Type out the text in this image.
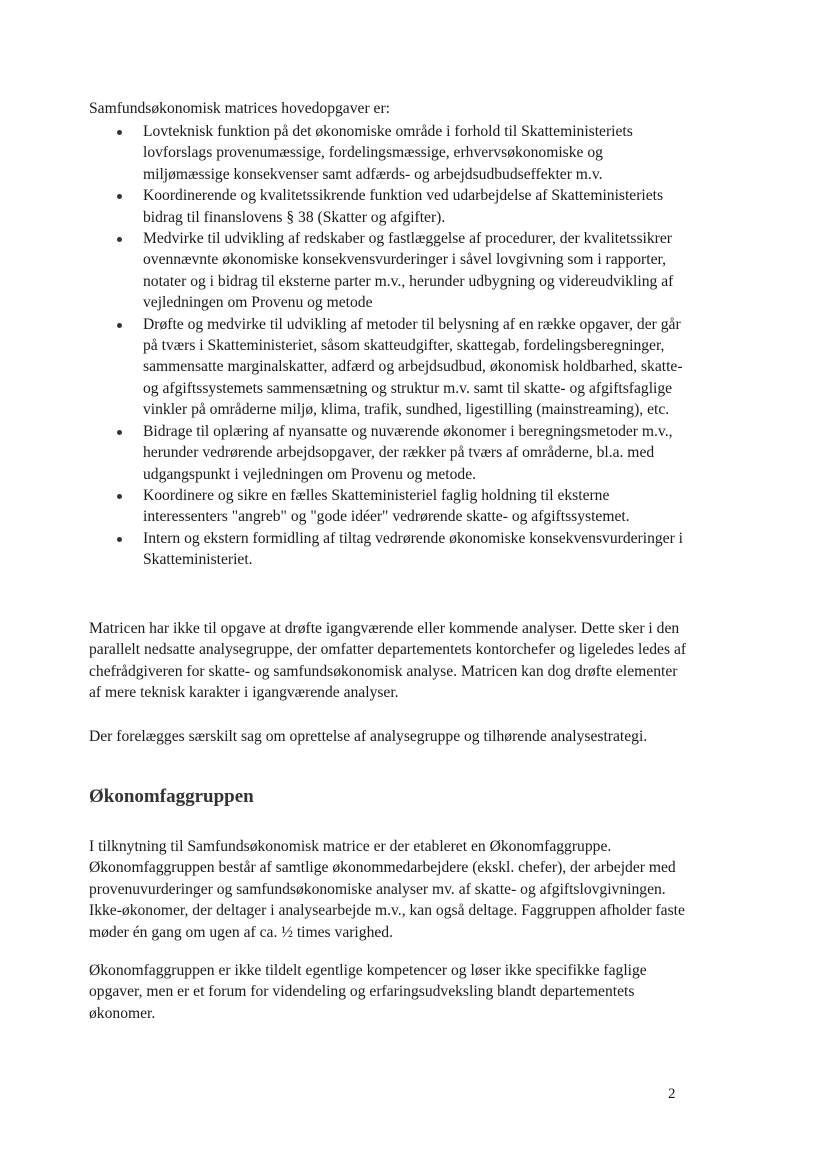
Samfundsøkonomisk matrices hovedopgaver er:
Lovteknisk funktion på det økonomiske område i forhold til Skatteministeriets lovforslags provenumæssige, fordelingsmæssige, erhvervsøkonomiske og miljømæssige konsekvenser samt adfærds- og arbejdsudbudseffekter m.v.
Koordinerende og kvalitetssikrende funktion ved udarbejdelse af Skatteministeriets bidrag til finanslovens § 38 (Skatter og afgifter).
Medvirke til udvikling af redskaber og fastlæggelse af procedurer, der kvalitetssikrer ovennævnte økonomiske konsekvensvurderinger i såvel lovgivning som i rapporter, notater og i bidrag til eksterne parter m.v., herunder udbygning og videreudvikling af vejledningen om Provenu og metode
Drøfte og medvirke til udvikling af metoder til belysning af en række opgaver, der går på tværs i Skatteministeriet, såsom skatteudgifter, skattegab, fordelingsberegninger, sammensatte marginalskatter, adfærd og arbejdsudbud, økonomisk holdbarhed, skatte- og afgiftssystemets sammensætning og struktur m.v. samt til skatte- og afgiftsfaglige vinkler på områderne miljø, klima, trafik, sundhed, ligestilling (mainstreaming), etc.
Bidrage til oplæring af nyansatte og nuværende økonomer i beregningsmetoder m.v., herunder vedrørende arbejdsopgaver, der rækker på tværs af områderne, bl.a. med udgangspunkt i vejledningen om Provenu og metode.
Koordinere og sikre en fælles Skatteministeriel faglig holdning til eksterne interessenters "angreb" og "gode idéer" vedrørende skatte- og afgiftssystemet.
Intern og ekstern formidling af tiltag vedrørende økonomiske konsekvensvurderinger i Skatteministeriet.
Matricen har ikke til opgave at drøfte igangværende eller kommende analyser. Dette sker i den parallelt nedsatte analysegruppe, der omfatter departementets kontorchefer og ligeledes ledes af chefrådgiveren for skatte- og samfundsøkonomisk analyse. Matricen kan dog drøfte elementer af mere teknisk karakter i igangværende analyser.
Der forelægges særskilt sag om oprettelse af analysegruppe og tilhørende analysestrategi.
Økonomfaggruppen
I tilknytning til Samfundsøkonomisk matrice er der etableret en Økonomfaggruppe. Økonomfaggruppen består af samtlige økonommedarbejdere (ekskl. chefer), der arbejder med provenuvurderinger og samfundsøkonomiske analyser mv. af skatte- og afgiftslovgivningen. Ikke-økonomer, der deltager i analysearbejde m.v., kan også deltage. Faggruppen afholder faste møder én gang om ugen af ca. ½ times varighed.
Økonomfaggruppen er ikke tildelt egentlige kompetencer og løser ikke specifikke faglige opgaver, men er et forum for videndeling og erfaringsudveksling blandt departementets økonomer.
2
